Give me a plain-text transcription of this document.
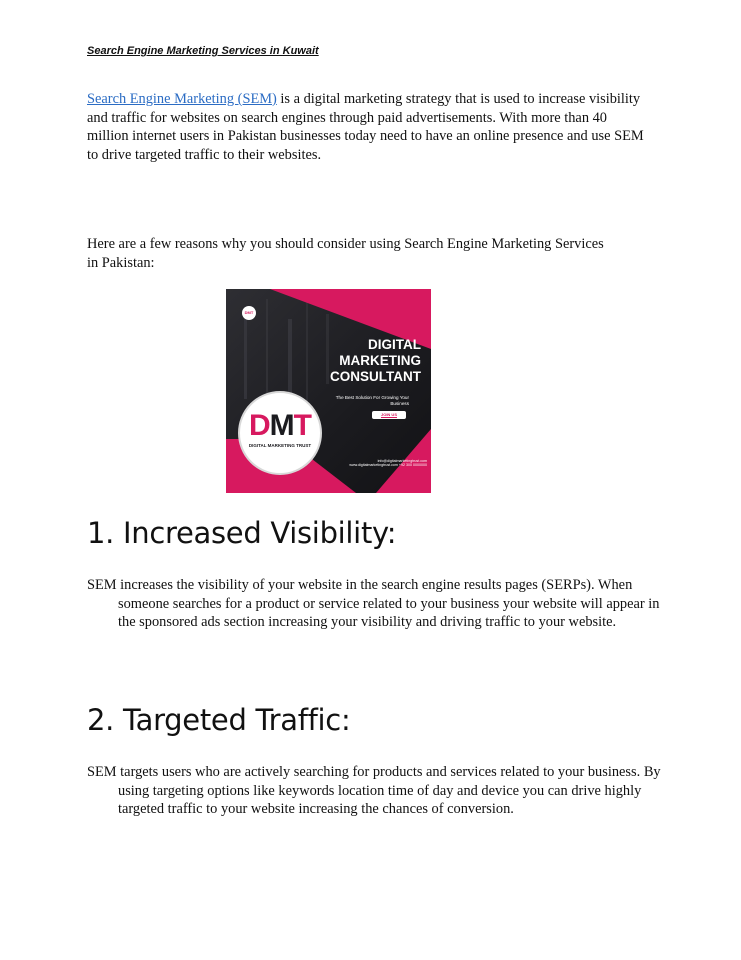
Search Engine Marketing Services in Kuwait

Search Engine Marketing (SEM) is a digital marketing strategy that is used to increase visibility and traffic for websites on search engines through paid advertisements. With more than 40 million internet users in Pakistan businesses today need to have an online presence and use SEM to drive targeted traffic to their websites.

Here are a few reasons why you should consider using Search Engine Marketing Services in Pakistan:

DMT
DIGITAL
MARKETING
CONSULTANT
The Best Solution For Growing Your Business
JOIN US
DMT
DIGITAL MARKETING TRUST
info@digitalmarketingtrust.com www.digitalmarketingtrust.com +92 300 0000000
1. Increased Visibility:

SEM increases the visibility of your website in the search engine results pages (SERPs). When someone searches for a product or service related to your business your website will appear in the sponsored ads section increasing your visibility and driving traffic to your website.

2. Targeted Traffic:

SEM targets users who are actively searching for products and services related to your business. By using targeting options like keywords location time of day and device you can drive highly targeted traffic to your website increasing the chances of conversion.
